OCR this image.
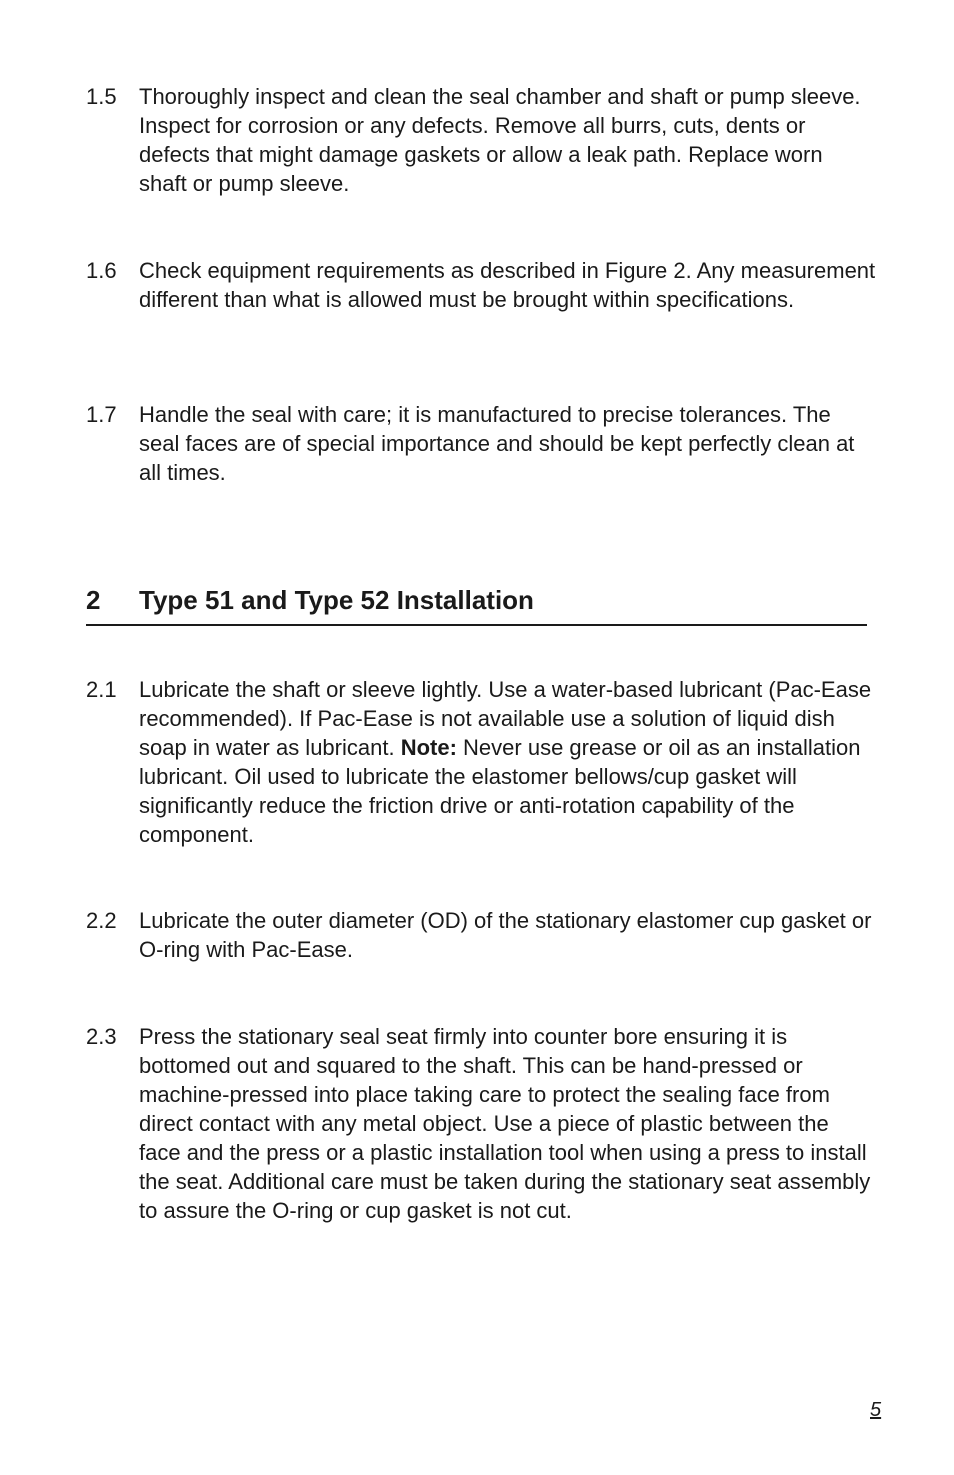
1.5 Thoroughly inspect and clean the seal chamber and shaft or pump sleeve. Inspect for corrosion or any defects. Remove all burrs, cuts, dents or defects that might damage gaskets or allow a leak path. Replace worn shaft or pump sleeve.
1.6 Check equipment requirements as described in Figure 2. Any measurement different than what is allowed must be brought within specifications.
1.7 Handle the seal with care; it is manufactured to precise tolerances. The seal faces are of special importance and should be kept perfectly clean at all times.
2 Type 51 and Type 52 Installation
2.1 Lubricate the shaft or sleeve lightly. Use a water-based lubricant (Pac-Ease recommended). If Pac-Ease is not available use a solution of liquid dish soap in water as lubricant. Note: Never use grease or oil as an installation lubricant. Oil used to lubricate the elastomer bellows/cup gasket will significantly reduce the friction drive or anti-rotation capability of the component.
2.2 Lubricate the outer diameter (OD) of the stationary elastomer cup gasket or O-ring with Pac-Ease.
2.3 Press the stationary seal seat firmly into counter bore ensuring it is bottomed out and squared to the shaft. This can be hand-pressed or machine-pressed into place taking care to protect the sealing face from direct contact with any metal object. Use a piece of plastic between the face and the press or a plastic installation tool when using a press to install the seat. Additional care must be taken during the stationary seat assembly to assure the O-ring or cup gasket is not cut.
5
